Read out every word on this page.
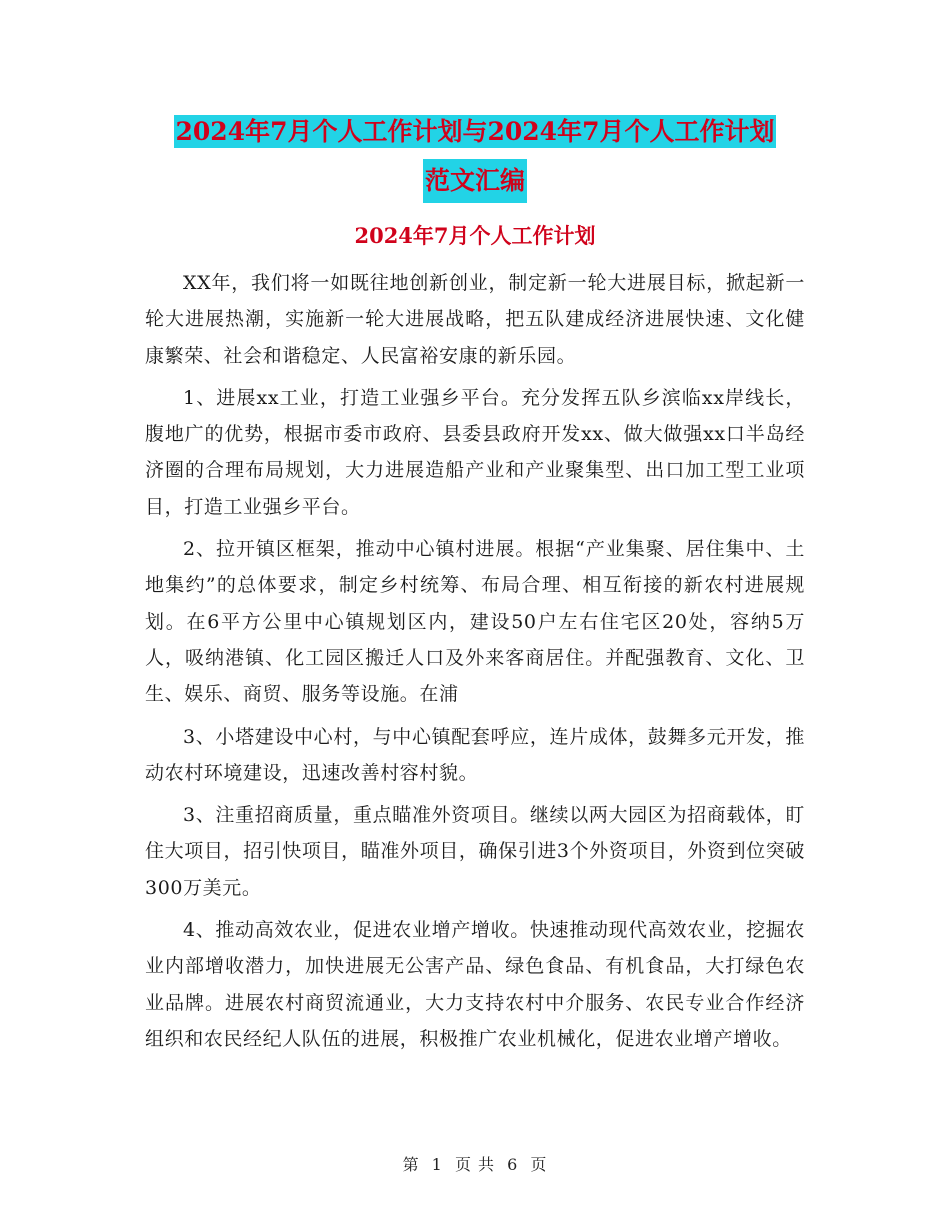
2024年7月个人工作计划与2024年7月个人工作计划
范文汇编
2024年7月个人工作计划

XX年，我们将一如既往地创新创业，制定新一轮大进展目标，掀起新一轮大进展热潮，实施新一轮大进展战略，把五队建成经济进展快速、文化健康繁荣、社会和谐稳定、人民富裕安康的新乐园。

1、进展xx工业，打造工业强乡平台。充分发挥五队乡滨临xx岸线长，腹地广的优势，根据市委市政府、县委县政府开发xx、做大做强xx口半岛经济圈的合理布局规划，大力进展造船产业和产业聚集型、出口加工型工业项目，打造工业强乡平台。

2、拉开镇区框架，推动中心镇村进展。根据“产业集聚、居住集中、土地集约”的总体要求，制定乡村统筹、布局合理、相互衔接的新农村进展规划。在6平方公里中心镇规划区内，建设50户左右住宅区20处，容纳5万人，吸纳港镇、化工园区搬迁人口及外来客商居住。并配强教育、文化、卫生、娱乐、商贸、服务等设施。在浦

3、小塔建设中心村，与中心镇配套呼应，连片成体，鼓舞多元开发，推动农村环境建设，迅速改善村容村貌。

3、注重招商质量，重点瞄准外资项目。继续以两大园区为招商载体，盯住大项目，招引快项目，瞄准外项目，确保引进3个外资项目，外资到位突破300万美元。

4、推动高效农业，促进农业增产增收。快速推动现代高效农业，挖掘农业内部增收潜力，加快进展无公害产品、绿色食品、有机食品，大打绿色农业品牌。进展农村商贸流通业，大力支持农村中介服务、农民专业合作经济组织和农民经纪人队伍的进展，积极推广农业机械化，促进农业增产增收。

第 1 页 共 6 页
